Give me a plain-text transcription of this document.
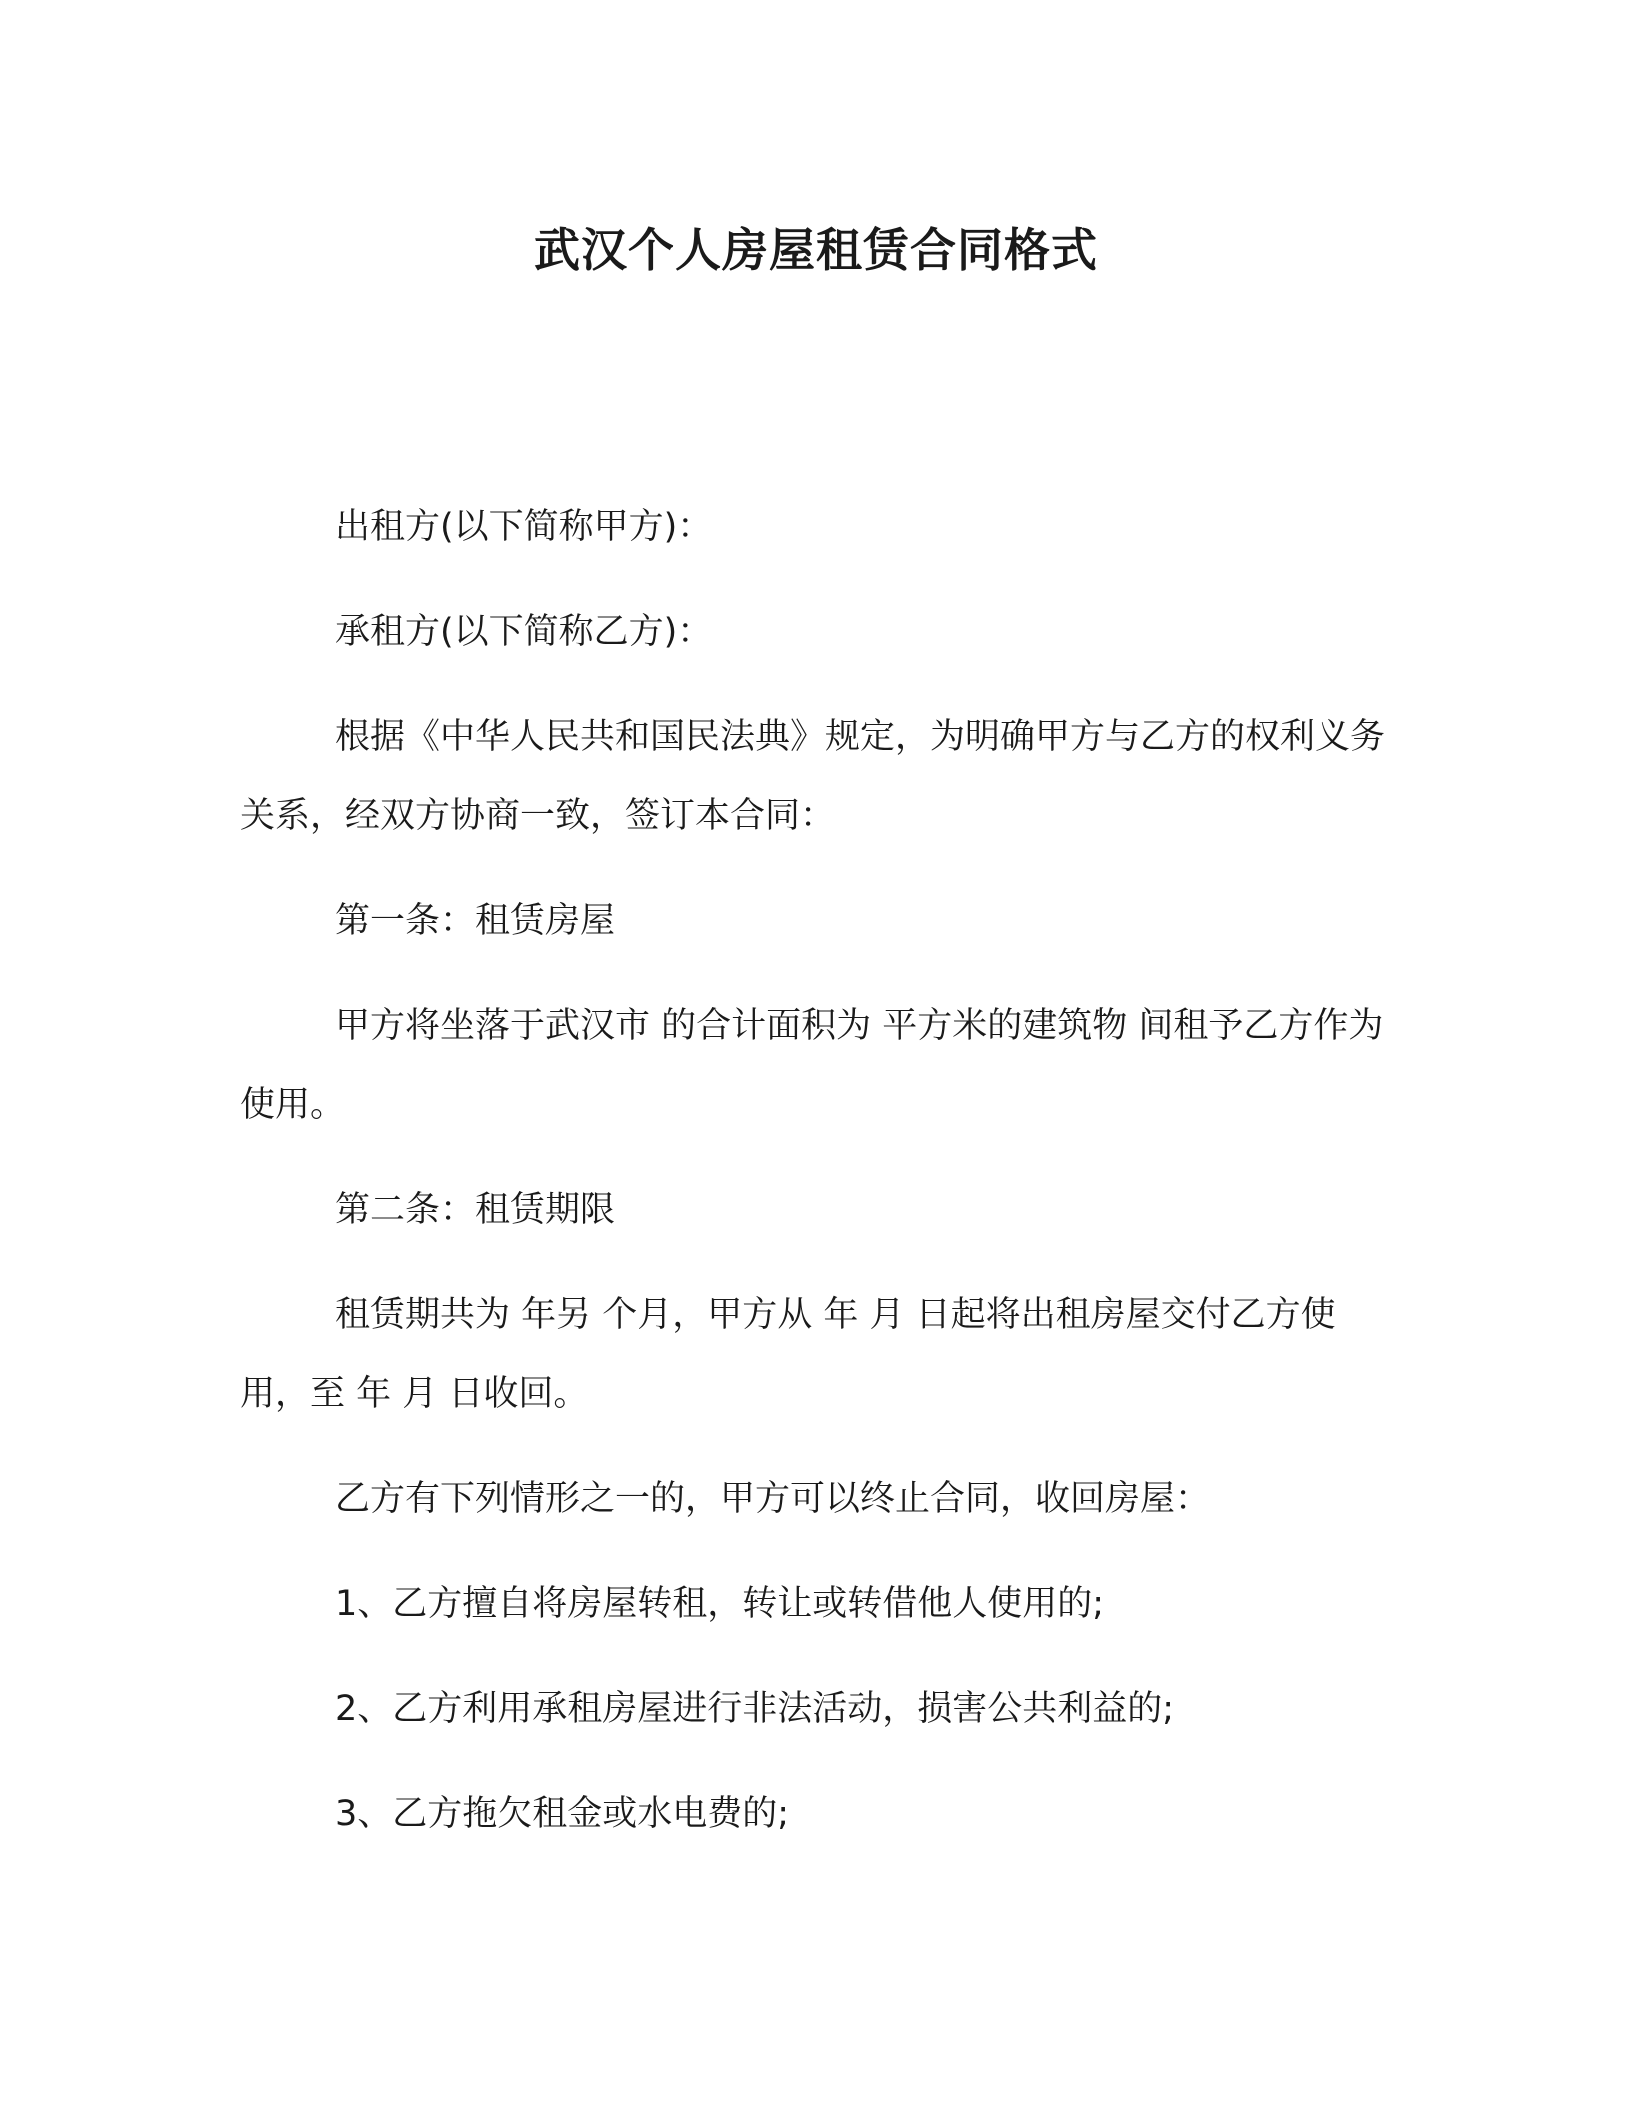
武汉个人房屋租赁合同格式

出租方(以下简称甲方)：

承租方(以下简称乙方)：

根据《中华人民共和国民法典》规定，为明确甲方与乙方的权利义务关系，经双方协商一致，签订本合同：

第一条：租赁房屋

甲方将坐落于武汉市 的合计面积为 平方米的建筑物 间租予乙方作为 使用。

第二条：租赁期限

租赁期共为 年另 个月，甲方从 年 月 日起将出租房屋交付乙方使用，至 年 月 日收回。

乙方有下列情形之一的，甲方可以终止合同，收回房屋：

1、乙方擅自将房屋转租，转让或转借他人使用的;

2、乙方利用承租房屋进行非法活动，损害公共利益的;

3、乙方拖欠租金或水电费的;
